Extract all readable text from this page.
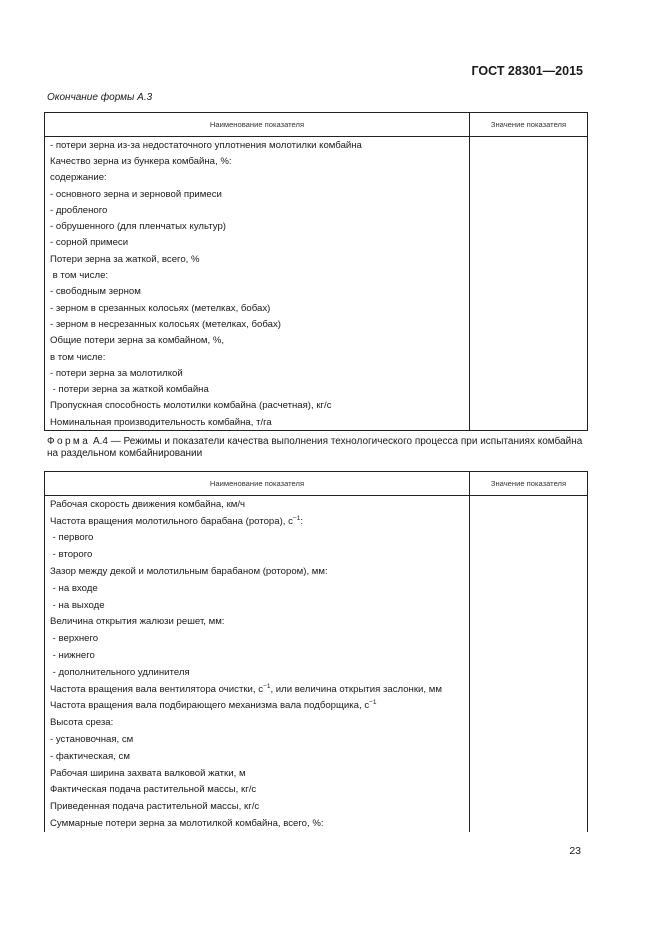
ГОСТ 28301—2015
Окончание формы А.3
Наименование показателя	Значение показателя
- потери зерна из-за недостаточного уплотнения молотилки комбайна	
Качество зерна из бункера комбайна, %:	
содержание:	
- основного зерна и зерновой примеси	
- дробленого	
- обрушенного (для пленчатых культур)	
- сорной примеси	
Потери зерна за жаткой, всего, %	
в том числе:	
- свободным зерном	
- зерном в срезанных колосьях (метелках, бобах)	
- зерном в несрезанных колосьях (метелках, бобах)	
Общие потери зерна за комбайном, %,	
в том числе:	
- потери зерна за молотилкой	
- потери зерна за жаткой комбайна	
Пропускная способность молотилки комбайна (расчетная), кг/с	
Номинальная производительность комбайна, т/га	
Форма А.4 — Режимы и показатели качества выполнения технологического процесса при испытаниях комбайна на раздельном комбайнировании
Наименование показателя	Значение показателя
Рабочая скорость движения комбайна, км/ч	
Частота вращения молотильного барабана (ротора), $с^{-1}$:	
- первого	
- второго	
Зазор между декой и молотильным барабаном (ротором), мм:	
- на входе	
- на выходе	
Величина открытия жалюзи решет, мм:	
- верхнего	
- нижнего	
- дополнительного удлинителя	
Частота вращения вала вентилятора очистки, $с^{-1}$, или величина открытия заслонки, мм	
Частота вращения вала подбирающего механизма вала подборщика, $с^{-1}$	
Высота среза:	
- установочная, см	
- фактическая, см	
Рабочая ширина захвата валковой жатки, м	
Фактическая подача растительной массы, кг/с	
Приведенная подача растительной массы, кг/с	
Суммарные потери зерна за молотилкой комбайна, всего, %:	
23
